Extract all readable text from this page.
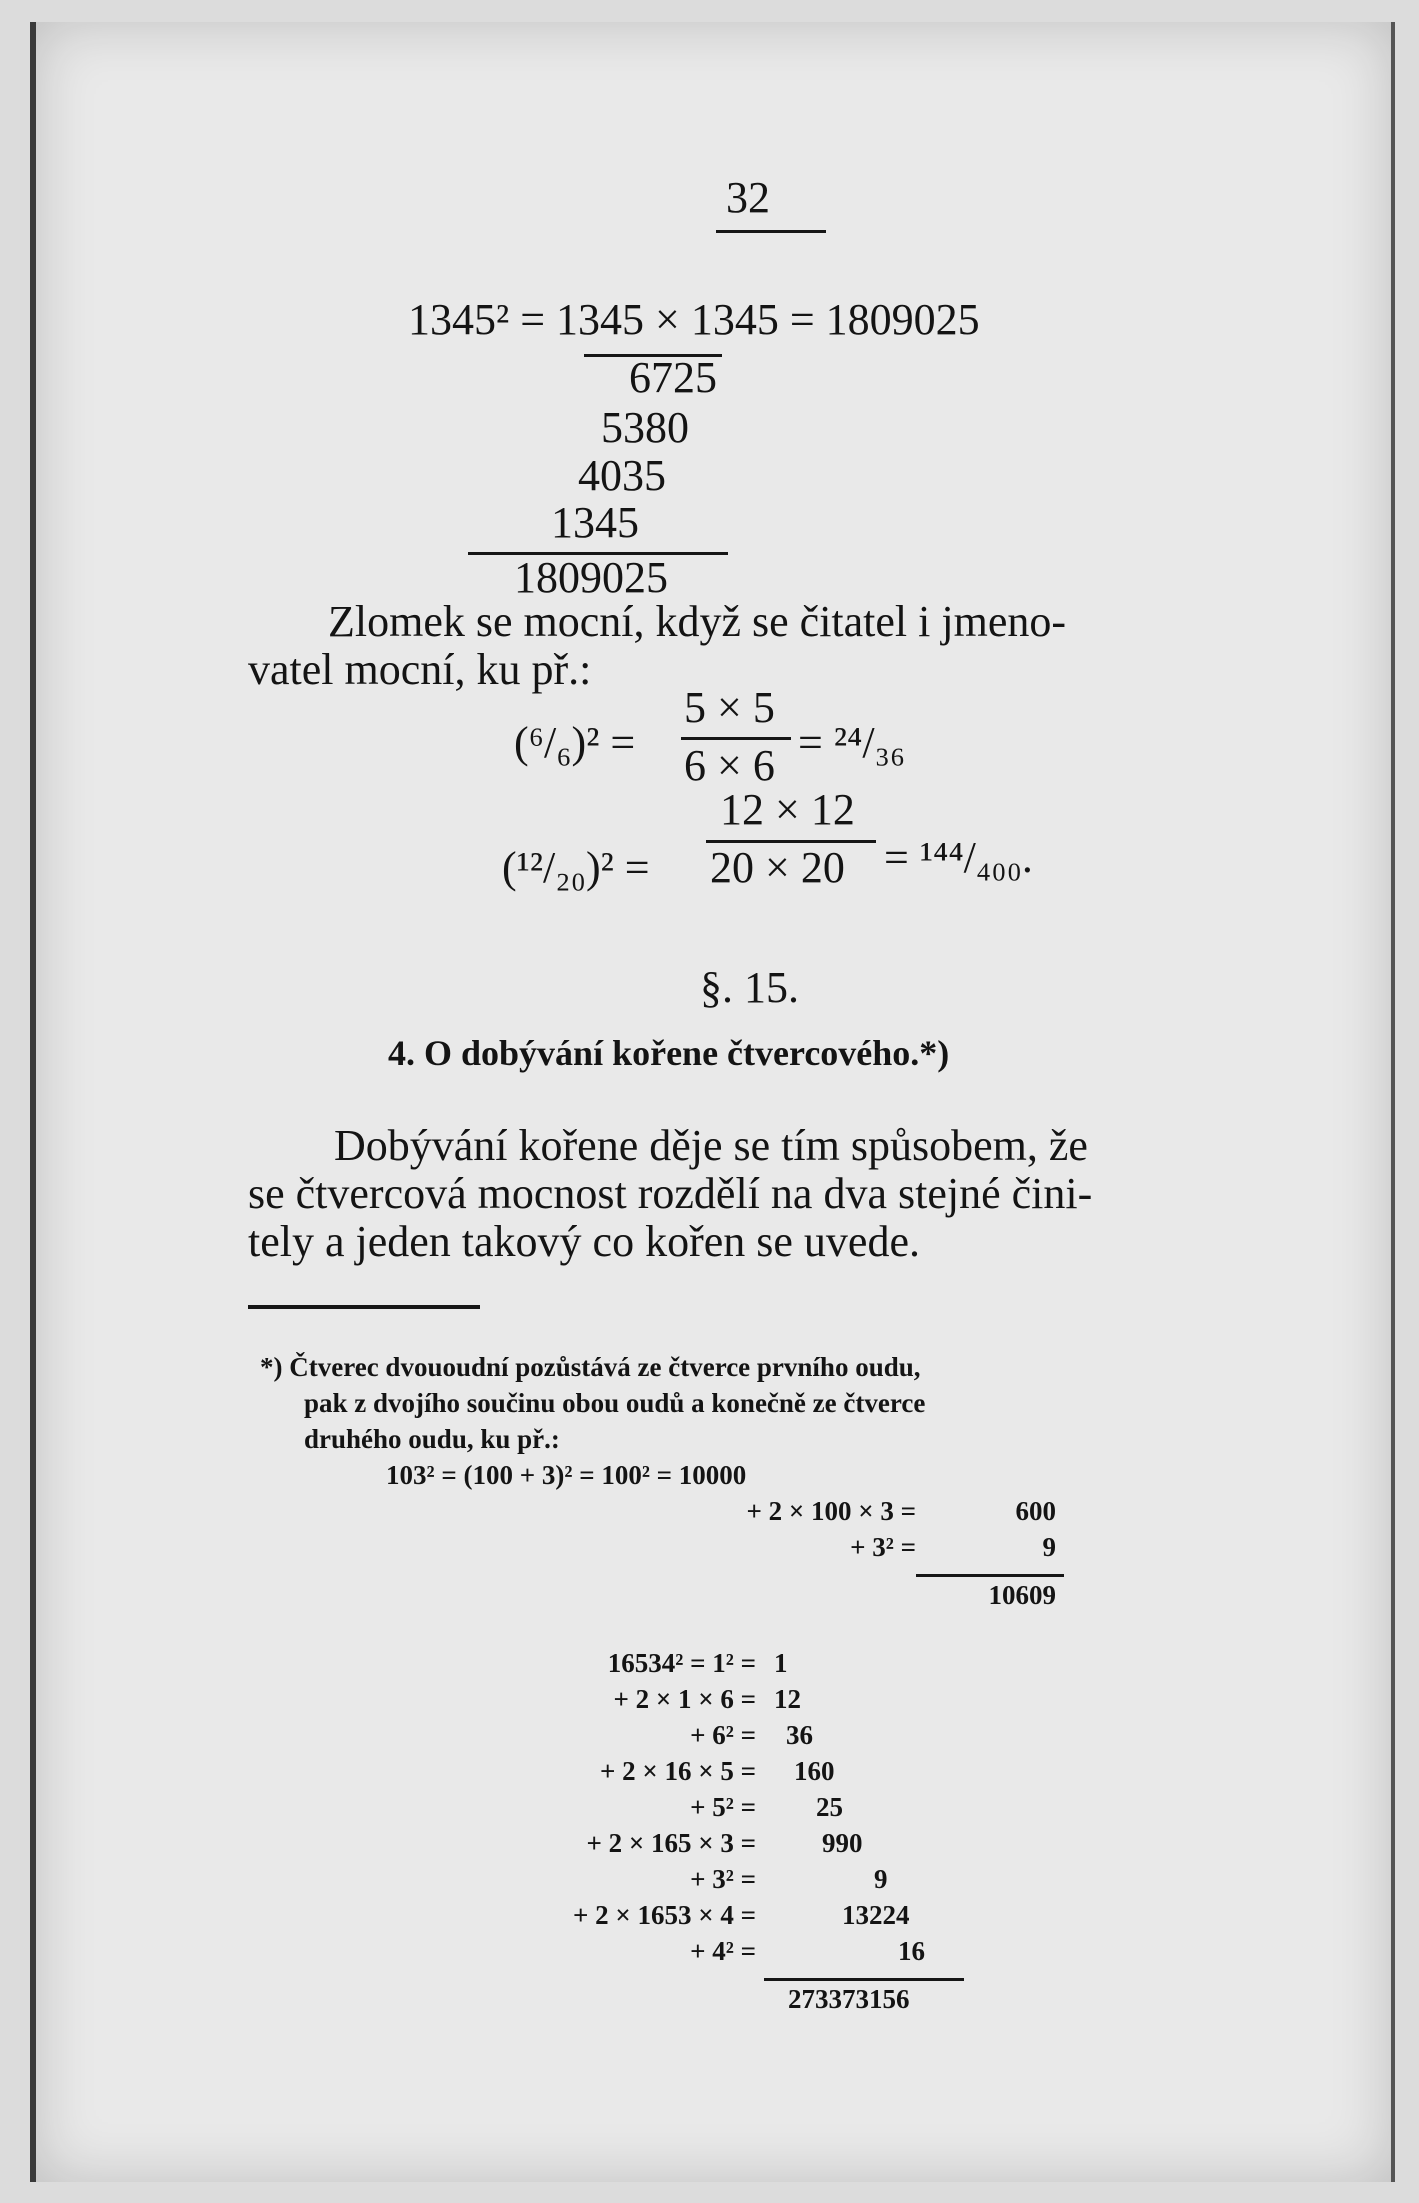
32
1345² = 1345 × 1345 = 1809025
6725
5380
4035
1345
1809025
Zlomek se mocní, když se čitatel i jmeno-
vatel mocní, ku př.:
(⁶/₆)² =
5 × 5
6 × 6 = ²⁴/₃₆
(¹²/₂₀)² =
12 × 12
20 × 20 = ¹⁴⁴/₄₀₀.
§. 15.
4. O dobývání kořene čtvercového.*)
Dobývání kořene děje se tím spůsobem, že
se čtvercová mocnost rozdělí na dva stejné čini-
tely a jeden takový co kořen se uvede.
*) Čtverec dvououdní pozůstává ze čtverce prvního oudu,
pak z dvojího součinu obou oudů a konečně ze čtverce
druhého oudu, ku př.:
103² = (100 + 3)² = 100² = 10000
+ 2 × 100 × 3 =	600
+ 3² =	9
10609
16534² = 1² = 1
+ 2 × 1 × 6 = 12
+ 6² = 36
+ 2 × 16 × 5 = 160
+ 5² = 25
+ 2 × 165 × 3 = 990
+ 3² =	9
+ 2 × 1653 × 4 =	13224
+ 4² =	16
273373156
